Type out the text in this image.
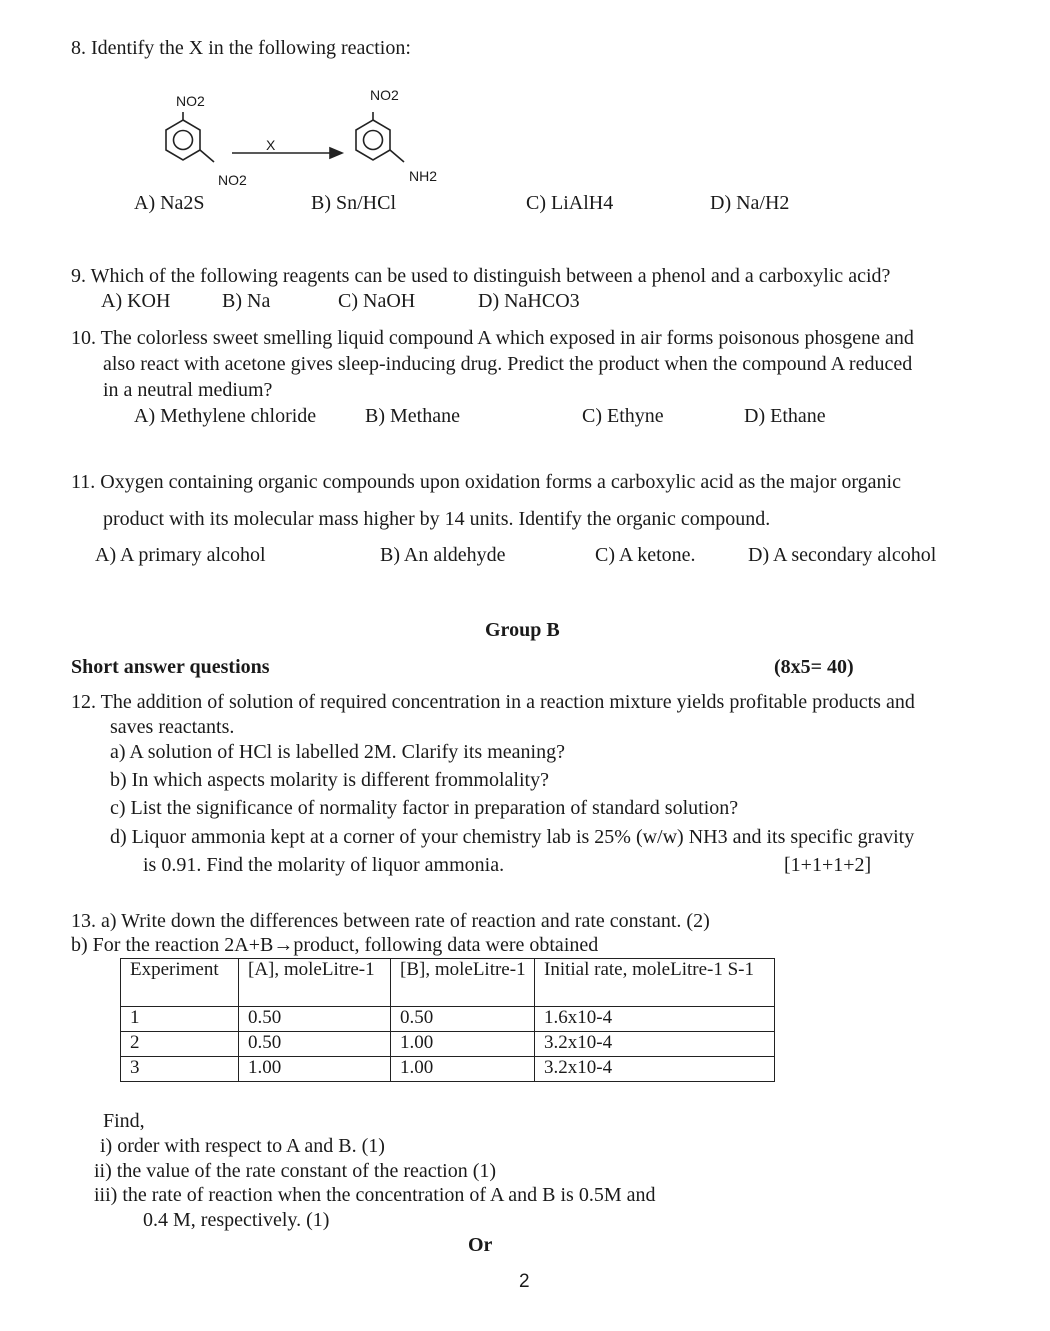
8. Identify the X in the following reaction:
NO2
NO2
X
NO2
NH2
A) Na2S	B) Sn/HCl	C) LiAlH4	D) Na/H2
9. Which of the following reagents can be used to distinguish between a phenol and a carboxylic acid?
A) KOH	B) Na	C) NaOH	D) NaHCO3
10. The colorless sweet smelling liquid compound A which exposed in air forms poisonous phosgene and
also react with acetone gives sleep-inducing drug. Predict the product when the compound A reduced
in a neutral medium?
A) Methylene chloride B) Methane	C) Ethyne	D) Ethane
11. Oxygen containing organic compounds upon oxidation forms a carboxylic acid as the major organic
product with its molecular mass higher by 14 units. Identify the organic compound.
A) A primary alcohol	B) An aldehyde	C) A ketone.	D) A secondary alcohol
Group B
Short answer questions	(8x5= 40)
12. The addition of solution of required concentration in a reaction mixture yields profitable products and
saves reactants.
a) A solution of HCl is labelled 2M. Clarify its meaning?
b) In which aspects molarity is different frommolality?
c) List the significance of normality factor in preparation of standard solution?
d) Liquor ammonia kept at a corner of your chemistry lab is 25% (w/w) NH3 and its specific gravity
is 0.91. Find the molarity of liquor ammonia.	[1+1+1+2]
13. a) Write down the differences between rate of reaction and rate constant. (2)
b) For the reaction 2A+B→product, following data were obtained
Experiment	[A], moleLitre-1	[B], moleLitre-1	Initial rate, moleLitre-1 S-1
1	0.50	0.50	1.6x10-4
2	0.50	1.00	3.2x10-4
3	1.00	1.00	3.2x10-4
Find,
i) order with respect to A and B. (1)
ii) the value of the rate constant of the reaction (1)
iii) the rate of reaction when the concentration of A and B is 0.5M and
0.4 M, respectively. (1)
Or
2
